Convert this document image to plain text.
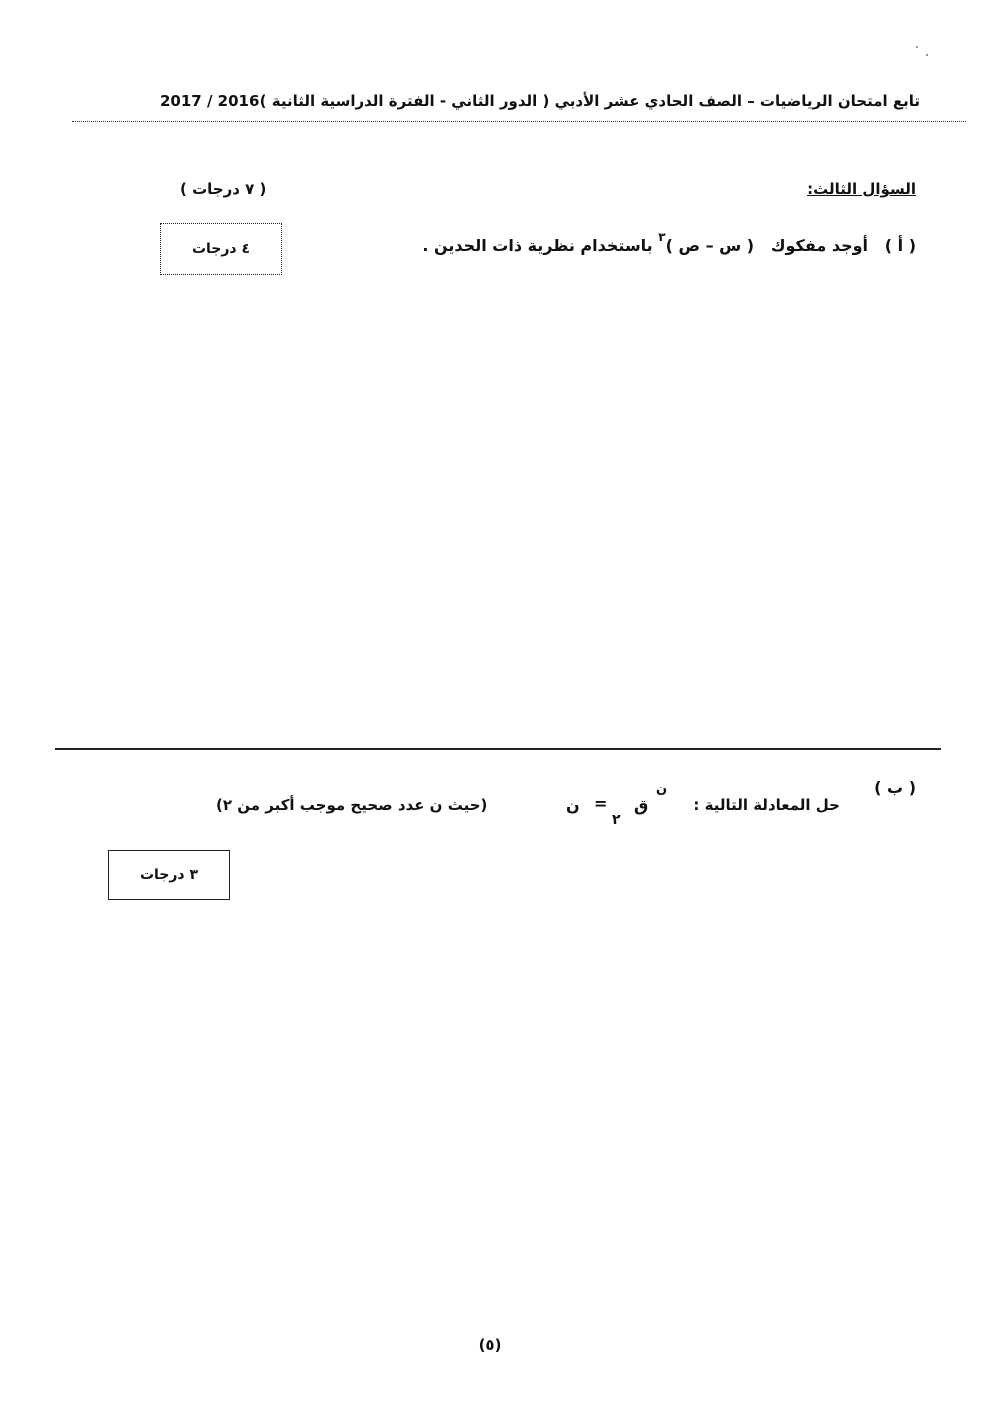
تابع امتحان الرياضيات – الصف الحادي عشر الأدبي ( الدور الثاني - الفترة الدراسية الثانية )
2017 / 2016
السؤال الثالث:
( ٧ درجات )
( أ )   أوجد مفكوك   ( س – ص )$^٣$ باستخدام نظرية ذات الحدين .
٤ درجات
( ب )
حل المعادلة التالية :
ن =
٢
ق
ن
(حيث ن عدد صحيح موجب أكبر من ٢)
٣ درجات
(٥)
